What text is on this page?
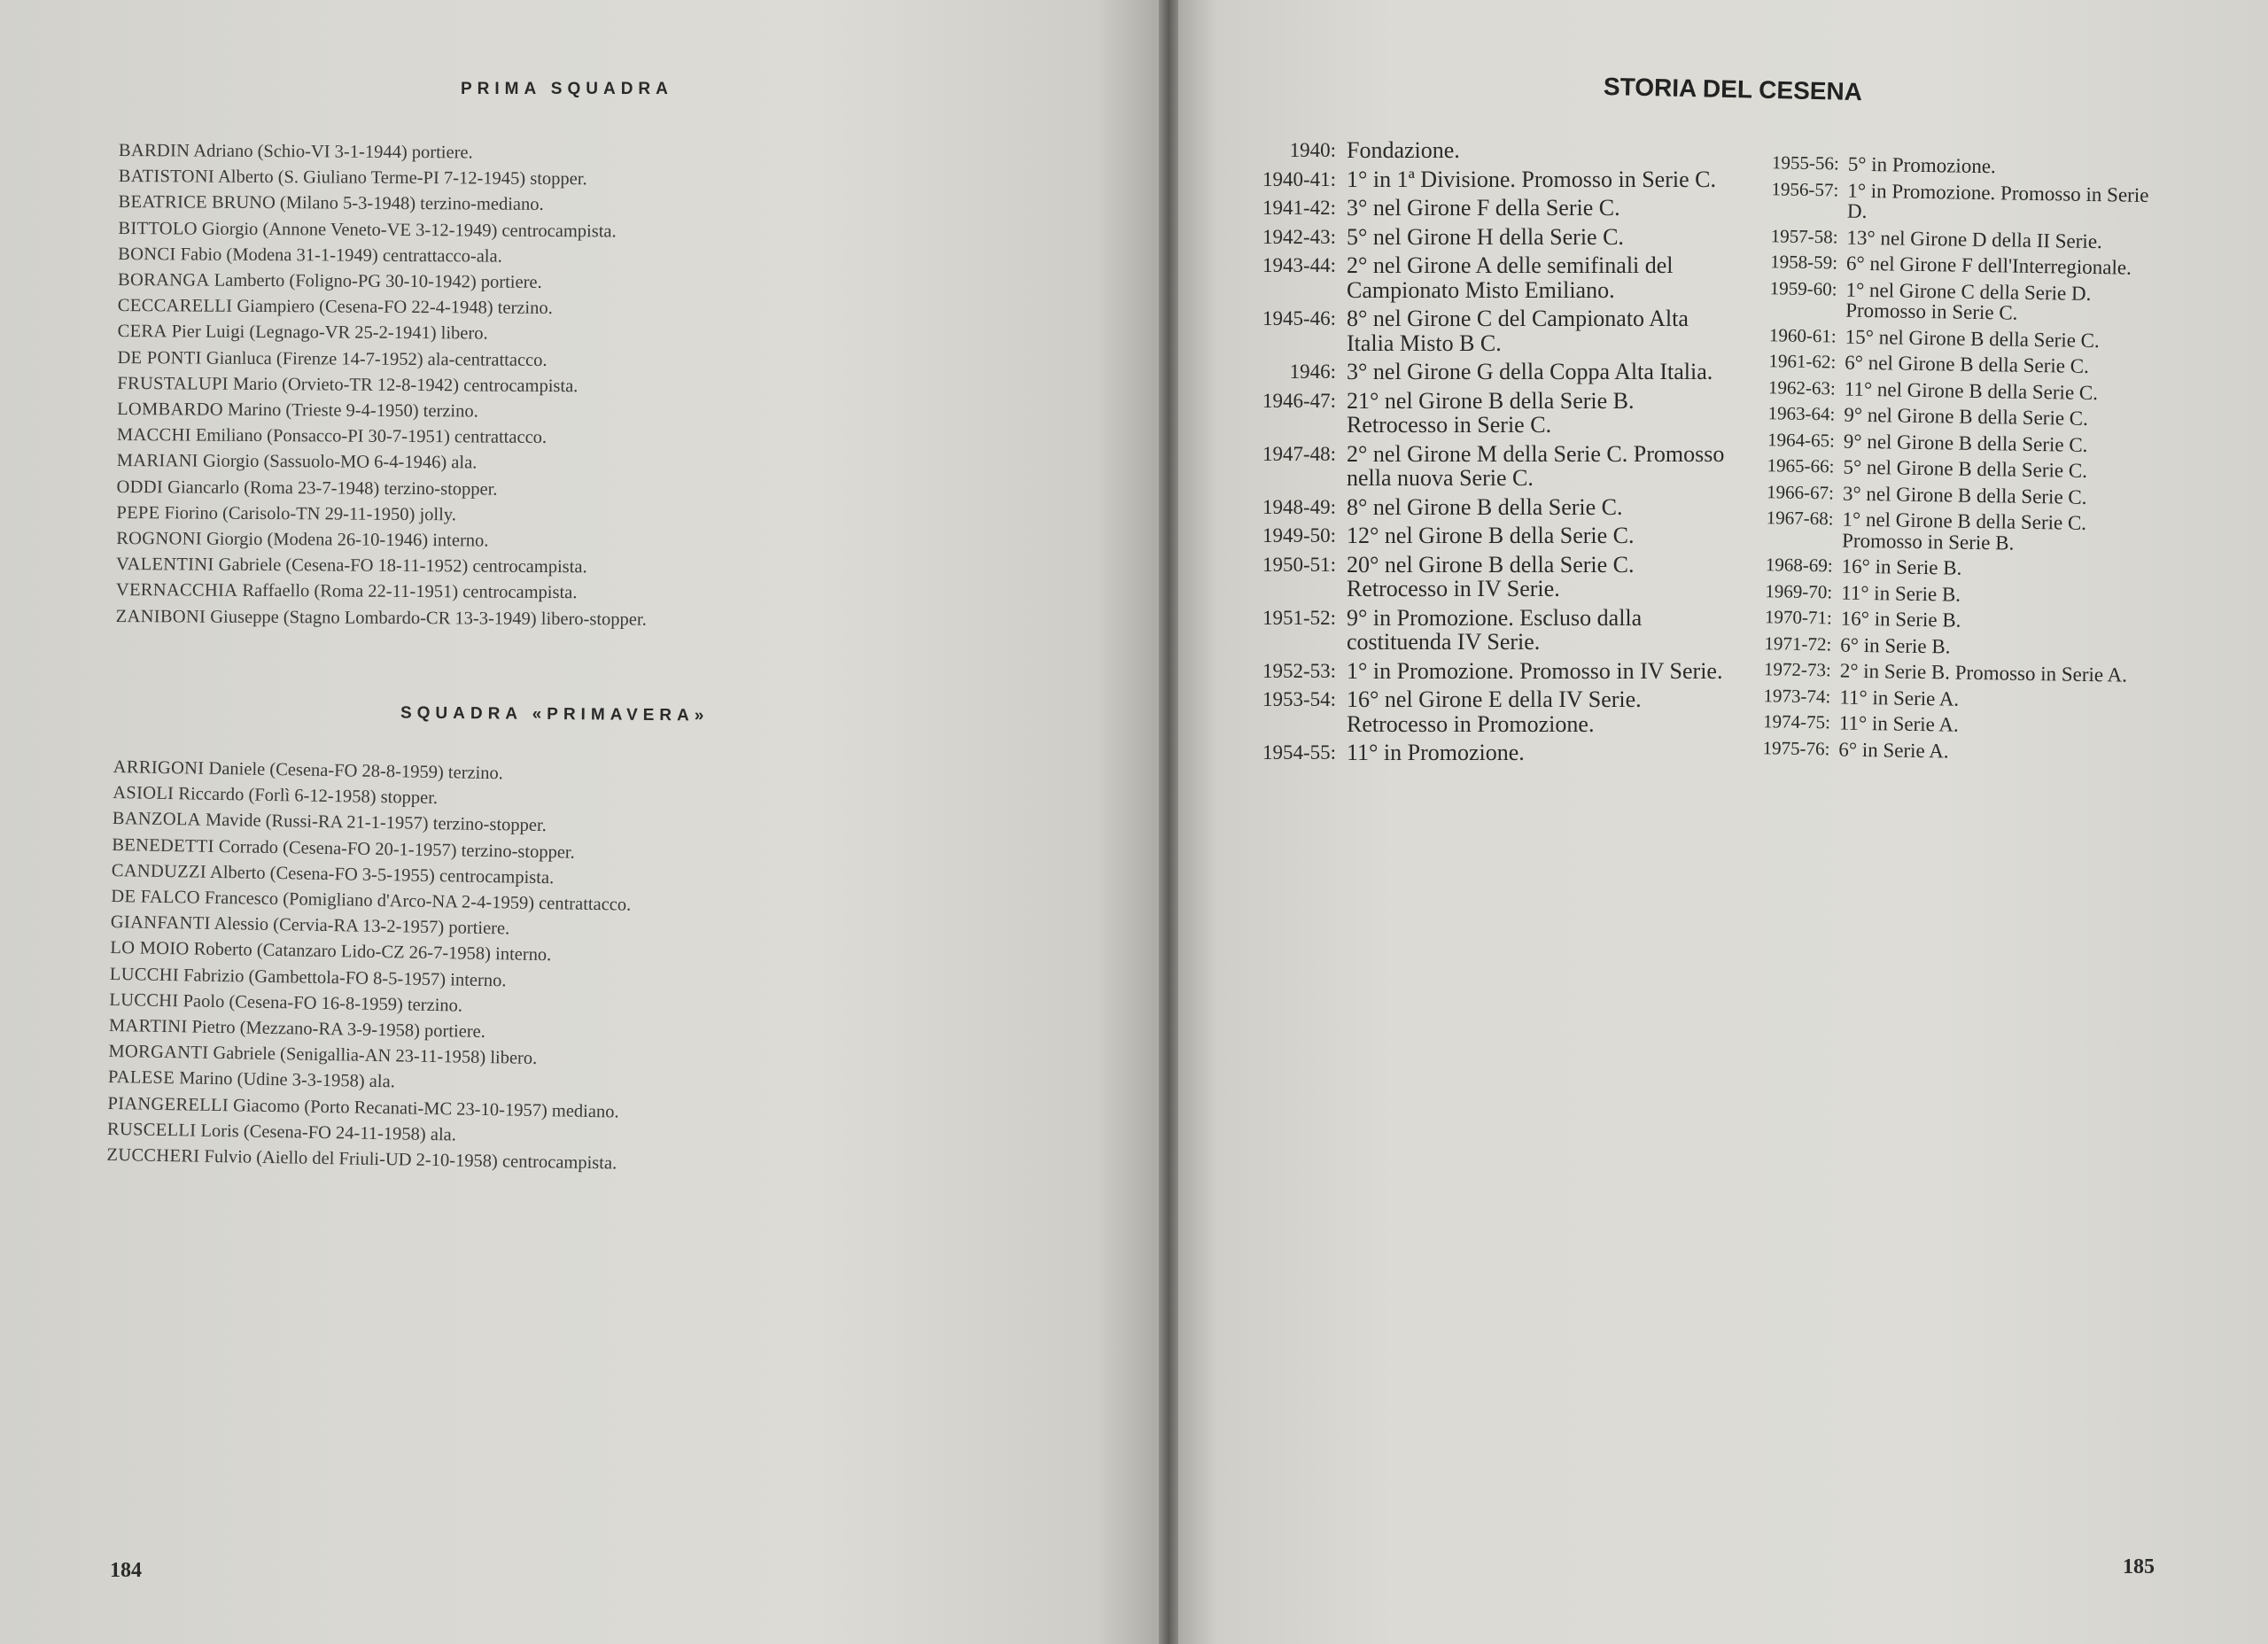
PRIMA SQUADRA
BARDIN Adriano (Schio-VI 3-1-1944) portiere.
BATISTONI Alberto (S. Giuliano Terme-PI 7-12-1945) stopper.
BEATRICE BRUNO (Milano 5-3-1948) terzino-mediano.
BITTOLO Giorgio (Annone Veneto-VE 3-12-1949) centrocampista.
BONCI Fabio (Modena 31-1-1949) centrattacco-ala.
BORANGA Lamberto (Foligno-PG 30-10-1942) portiere.
CECCARELLI Giampiero (Cesena-FO 22-4-1948) terzino.
CERA Pier Luigi (Legnago-VR 25-2-1941) libero.
DE PONTI Gianluca (Firenze 14-7-1952) ala-centrattacco.
FRUSTALUPI Mario (Orvieto-TR 12-8-1942) centrocampista.
LOMBARDO Marino (Trieste 9-4-1950) terzino.
MACCHI Emiliano (Ponsacco-PI 30-7-1951) centrattacco.
MARIANI Giorgio (Sassuolo-MO 6-4-1946) ala.
ODDI Giancarlo (Roma 23-7-1948) terzino-stopper.
PEPE Fiorino (Carisolo-TN 29-11-1950) jolly.
ROGNONI Giorgio (Modena 26-10-1946) interno.
VALENTINI Gabriele (Cesena-FO 18-11-1952) centrocampista.
VERNACCHIA Raffaello (Roma 22-11-1951) centrocampista.
ZANIBONI Giuseppe (Stagno Lombardo-CR 13-3-1949) libero-stopper.
SQUADRA «PRIMAVERA»
ARRIGONI Daniele (Cesena-FO 28-8-1959) terzino.
ASIOLI Riccardo (Forlì 6-12-1958) stopper.
BANZOLA Mavide (Russi-RA 21-1-1957) terzino-stopper.
BENEDETTI Corrado (Cesena-FO 20-1-1957) terzino-stopper.
CANDUZZI Alberto (Cesena-FO 3-5-1955) centrocampista.
DE FALCO Francesco (Pomigliano d'Arco-NA 2-4-1959) centrattacco.
GIANFANTI Alessio (Cervia-RA 13-2-1957) portiere.
LO MOIO Roberto (Catanzaro Lido-CZ 26-7-1958) interno.
LUCCHI Fabrizio (Gambettola-FO 8-5-1957) interno.
LUCCHI Paolo (Cesena-FO 16-8-1959) terzino.
MARTINI Pietro (Mezzano-RA 3-9-1958) portiere.
MORGANTI Gabriele (Senigallia-AN 23-11-1958) libero.
PALESE Marino (Udine 3-3-1958) ala.
PIANGERELLI Giacomo (Porto Recanati-MC 23-10-1957) mediano.
RUSCELLI Loris (Cesena-FO 24-11-1958) ala.
ZUCCHERI Fulvio (Aiello del Friuli-UD 2-10-1958) centrocampista.
184
STORIA DEL CESENA
1940: Fondazione.
1940-41: 1° in 1ª Divisione. Promosso in Serie C.
1941-42: 3° nel Girone F della Serie C.
1942-43: 5° nel Girone H della Serie C.
1943-44: 2° nel Girone A delle semifinali del Campionato Misto Emiliano.
1945-46: 8° nel Girone C del Campionato Alta Italia Misto B C.
1946: 3° nel Girone G della Coppa Alta Italia.
1946-47: 21° nel Girone B della Serie B. Retrocesso in Serie C.
1947-48: 2° nel Girone M della Serie C. Promosso nella nuova Serie C.
1948-49: 8° nel Girone B della Serie C.
1949-50: 12° nel Girone B della Serie C.
1950-51: 20° nel Girone B della Serie C. Retrocesso in IV Serie.
1951-52: 9° in Promozione. Escluso dalla costituenda IV Serie.
1952-53: 1° in Promozione. Promosso in IV Serie.
1953-54: 16° nel Girone E della IV Serie. Retrocesso in Promozione.
1954-55: 11° in Promozione.
1955-56: 5° in Promozione.
1956-57: 1° in Promozione. Promosso in Serie D.
1957-58: 13° nel Girone D della II Serie.
1958-59: 6° nel Girone F dell'Interregionale.
1959-60: 1° nel Girone C della Serie D. Promosso in Serie C.
1960-61: 15° nel Girone B della Serie C.
1961-62: 6° nel Girone B della Serie C.
1962-63: 11° nel Girone B della Serie C.
1963-64: 9° nel Girone B della Serie C.
1964-65: 9° nel Girone B della Serie C.
1965-66: 5° nel Girone B della Serie C.
1966-67: 3° nel Girone B della Serie C.
1967-68: 1° nel Girone B della Serie C. Promosso in Serie B.
1968-69: 16° in Serie B.
1969-70: 11° in Serie B.
1970-71: 16° in Serie B.
1971-72: 6° in Serie B.
1972-73: 2° in Serie B. Promosso in Serie A.
1973-74: 11° in Serie A.
1974-75: 11° in Serie A.
1975-76: 6° in Serie A.
185
